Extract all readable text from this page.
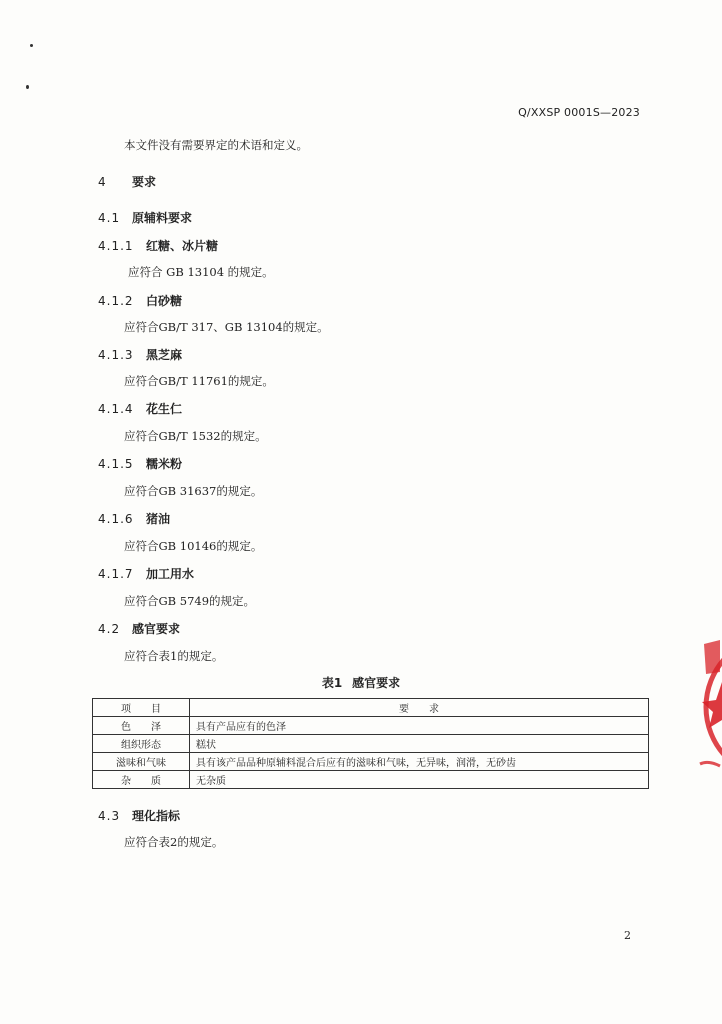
Q/XXSP 0001S—2023
本文件没有需要界定的术语和定义。
4 要求
4.1 原辅料要求
4.1.1 红糖、冰片糖
应符合 GB 13104 的规定。
4.1.2 白砂糖
应符合GB/T 317、GB 13104的规定。
4.1.3 黑芝麻
应符合GB/T 11761的规定。
4.1.4 花生仁
应符合GB/T 1532的规定。
4.1.5 糯米粉
应符合GB 31637的规定。
4.1.6 猪油
应符合GB 10146的规定。
4.1.7 加工用水
应符合GB 5749的规定。
4.2 感官要求
应符合表1的规定。
表1 感官要求
项　　目	要　　求
色　　泽	具有产品应有的色泽
组织形态	糕状
滋味和气味	具有该产品品种原辅料混合后应有的滋味和气味，无异味，润滑，无砂齿
杂　　质	无杂质
4.3 理化指标
应符合表2的规定。
2
